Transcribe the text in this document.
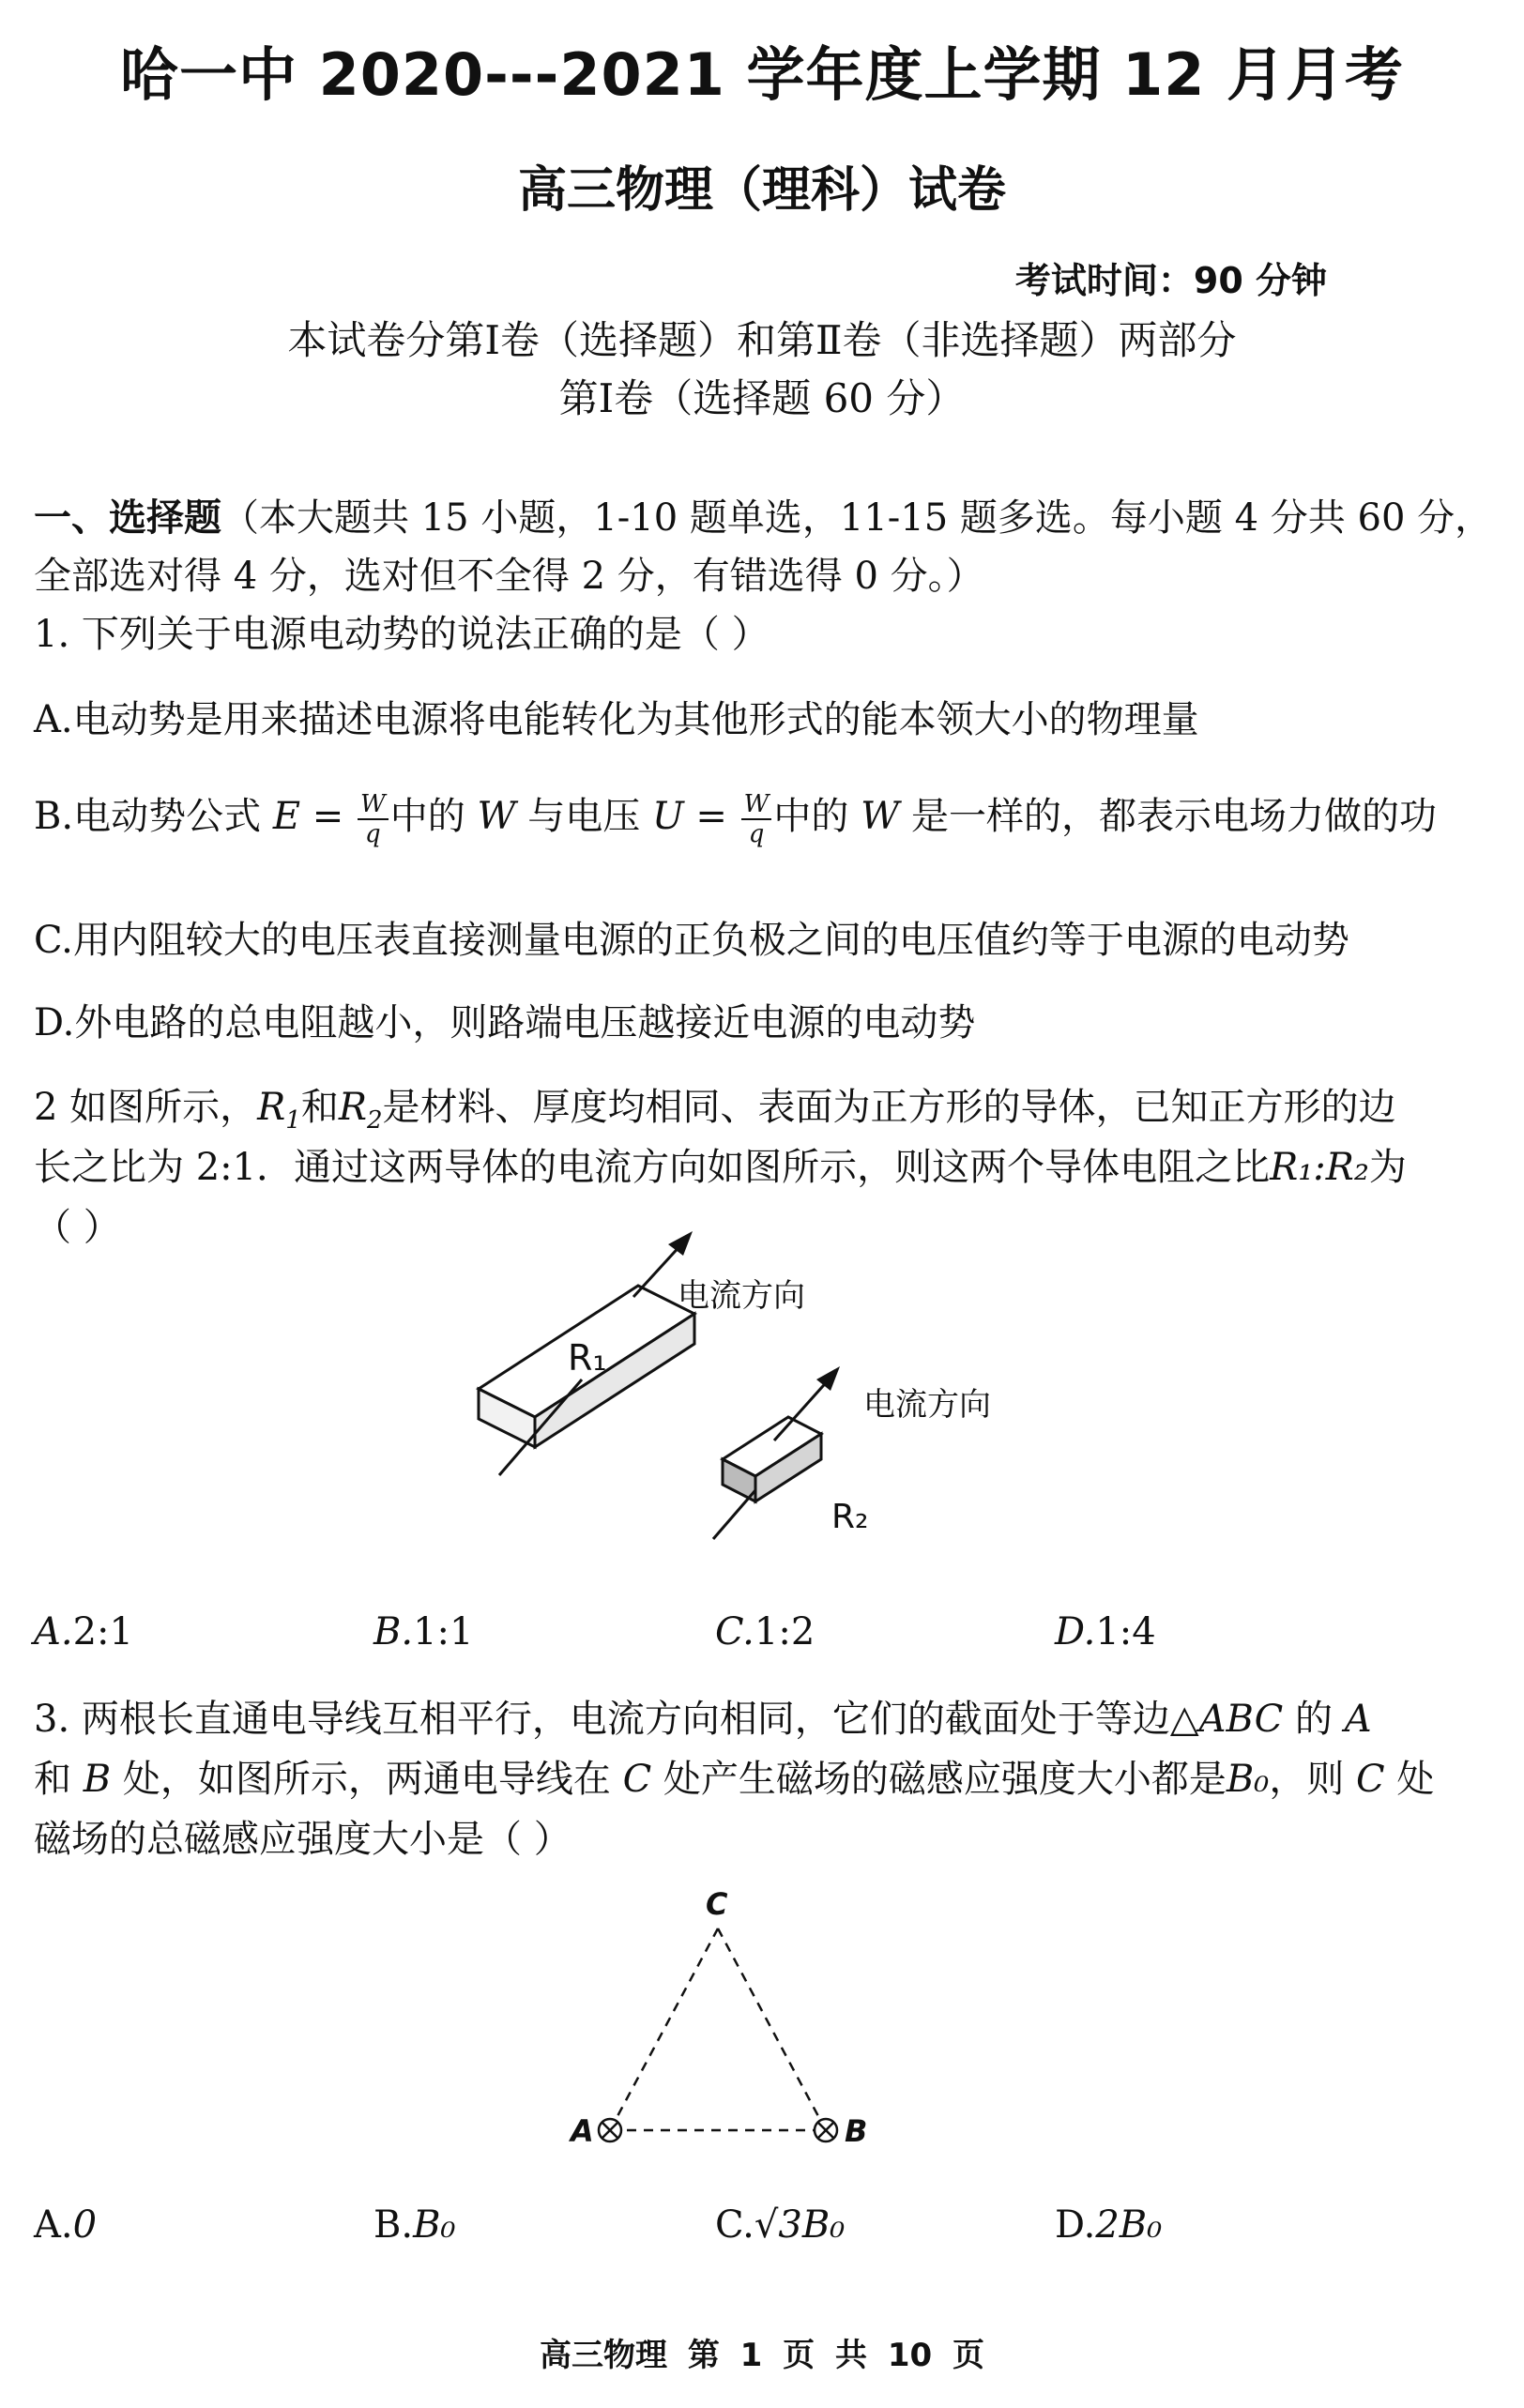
哈一中 2020---2021 学年度上学期 12 月月考
高三物理（理科）试卷
考试时间：90 分钟
本试卷分第Ⅰ卷（选择题）和第Ⅱ卷（非选择题）两部分
第Ⅰ卷（选择题 60 分）
一、选择题（本大题共 15 小题，1-10 题单选，11-15 题多选。每小题 4 分共 60 分，
全部选对得 4 分，选对但不全得 2 分，有错选得 0 分。）
1. 下列关于电源电动势的说法正确的是（ ）
A.电动势是用来描述电源将电能转化为其他形式的能本领大小的物理量
B.电动势公式 $E = \frac{W}{q}$ 中的 W 与电压 $U = \frac{W}{q}$ 中的 W 是一样的，都表示电场力做的功
C.用内阻较大的电压表直接测量电源的正负极之间的电压值约等于电源的电动势
D.外电路的总电阻越小，则路端电压越接近电源的电动势
2 如图所示，$R_1$和$R_2$是材料、厚度均相同、表面为正方形的导体，已知正方形的边
长之比为 2:1．通过这两导体的电流方向如图所示，则这两个导体电阻之比R₁:R₂为
（ ）
R₁
电流方向
R₂
电流方向
A.2:1	B.1:1	C.1:2	D.1:4
3. 两根长直通电导线互相平行，电流方向相同，它们的截面处于等边△ABC 的 A
和 B 处，如图所示，两通电导线在 C 处产生磁场的磁感应强度大小都是B₀，则 C 处
磁场的总磁感应强度大小是（ ）
A	B
C
A.0	B.B₀	C.√3B₀	D.2B₀
高三物理 第 1 页 共 10 页
